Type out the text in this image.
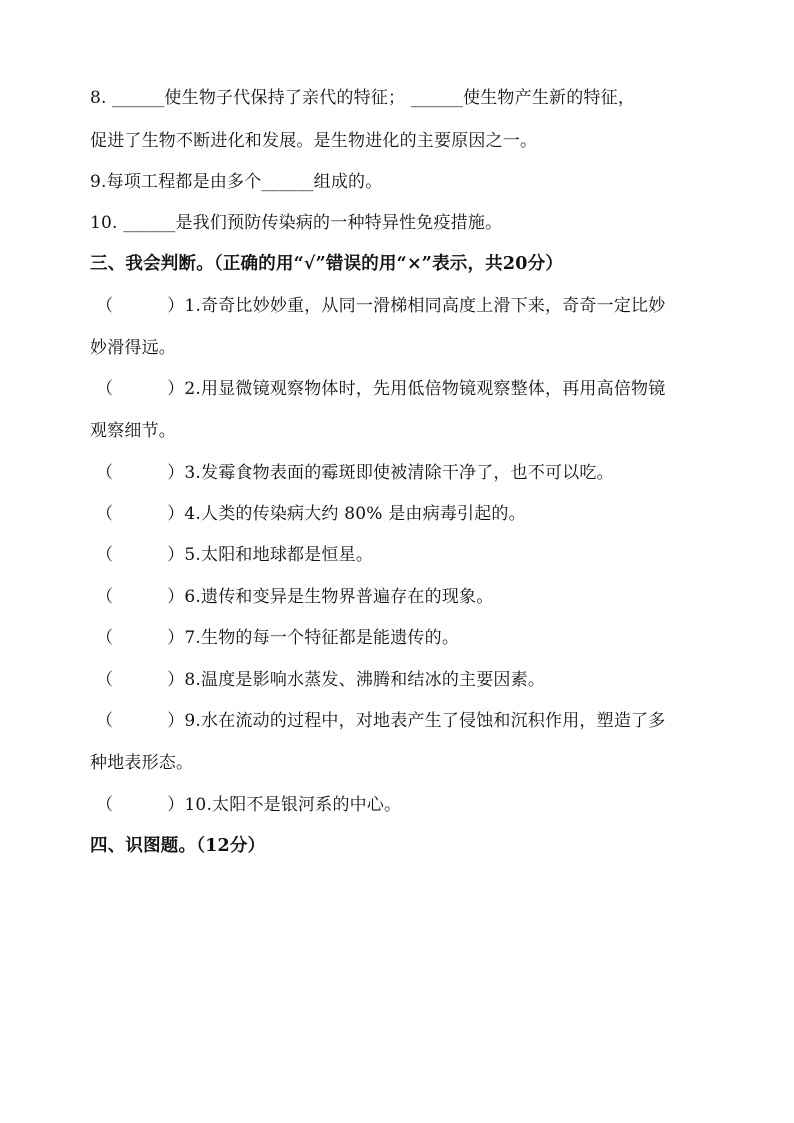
8. ______使生物子代保持了亲代的特征； ______使生物产生新的特征，
促进了生物不断进化和发展。是生物进化的主要原因之一。
9.每项工程都是由多个______组成的。
10. ______是我们预防传染病的一种特异性免疫措施。
三、我会判断。（正确的用“√”错误的用“×”表示，共20分）
（	）1.奇奇比妙妙重，从同一滑梯相同高度上滑下来，奇奇一定比妙
妙滑得远。
（	）2.用显微镜观察物体时，先用低倍物镜观察整体，再用高倍物镜
观察细节。
（	）3.发霉食物表面的霉斑即使被清除干净了，也不可以吃。
（	）4.人类的传染病大约 80% 是由病毒引起的。
（	）5.太阳和地球都是恒星。
（	）6.遗传和变异是生物界普遍存在的现象。
（	）7.生物的每一个特征都是能遗传的。
（	）8.温度是影响水蒸发、沸腾和结冰的主要因素。
（	）9.水在流动的过程中，对地表产生了侵蚀和沉积作用，塑造了多
种地表形态。
（	）10.太阳不是银河系的中心。
四、识图题。（12分）
